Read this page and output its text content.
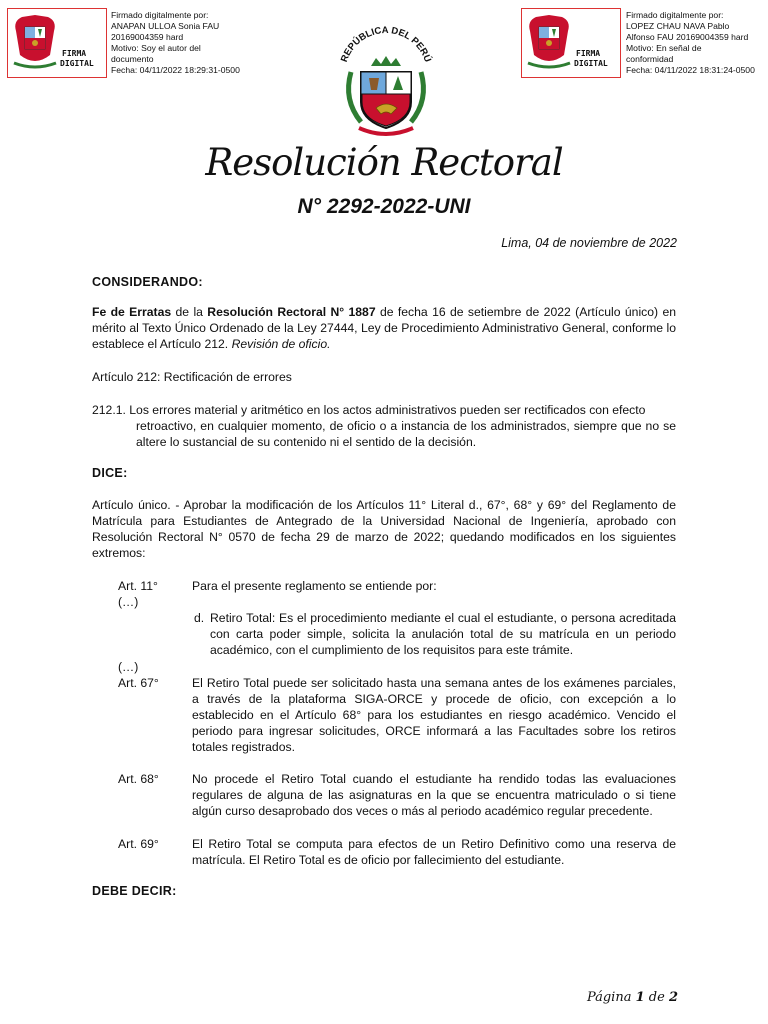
FIRMA
DIGITAL
Firmado digitalmente por:
ANAPAN ULLOA Sonia FAU
20169004359 hard
Motivo: Soy el autor del
documento
Fecha: 04/11/2022 18:29:31-0500
FIRMA
DIGITAL
Firmado digitalmente por:
LOPEZ CHAU NAVA Pablo
Alfonso FAU 20169004359 hard
Motivo: En señal de
conformidad
Fecha: 04/11/2022 18:31:24-0500
REPÚBLICA DEL PERÚ
Resolución Rectoral
N° 2292-2022-UNI
Lima, 04 de noviembre de 2022
CONSIDERANDO:
Fe de Erratas de la Resolución Rectoral N° 1887 de fecha 16 de setiembre de 2022 (Artículo único) en mérito al Texto Único Ordenado de la Ley 27444, Ley de Procedimiento Administrativo General, conforme lo establece el Artículo 212. Revisión de oficio.
Artículo 212: Rectificación de errores
212.1. Los errores material y aritmético en los actos administrativos pueden ser rectificados con efecto
retroactivo, en cualquier momento, de oficio o a instancia de los administrados, siempre que no se altere lo sustancial de su contenido ni el sentido de la decisión.
DICE:
Artículo único. - Aprobar la modificación de los Artículos 11° Literal d., 67°, 68° y 69° del Reglamento de Matrícula para Estudiantes de Antegrado de la Universidad Nacional de Ingeniería, aprobado con Resolución Rectoral N° 0570 de fecha 29 de marzo de 2022; quedando modificados en los siguientes extremos:
Art. 11°	Para el presente reglamento se entiende por:
(…)
d. Retiro Total: Es el procedimiento mediante el cual el estudiante, o persona acreditada con carta poder simple, solicita la anulación total de su matrícula en un periodo académico, con el cumplimiento de los requisitos para este trámite.
(…)
Art. 67°	El Retiro Total puede ser solicitado hasta una semana antes de los exámenes parciales, a través de la plataforma SIGA-ORCE y procede de oficio, con excepción a lo establecido en el Artículo 68° para los estudiantes en riesgo académico. Vencido el periodo para ingresar solicitudes, ORCE informará a las Facultades sobre los retiros totales registrados.
Art. 68°	No procede el Retiro Total cuando el estudiante ha rendido todas las evaluaciones regulares de alguna de las asignaturas en la que se encuentra matriculado o si tiene algún curso desaprobado dos veces o más al periodo académico regular precedente.
Art. 69°	El Retiro Total se computa para efectos de un Retiro Definitivo como una reserva de matrícula. El Retiro Total es de oficio por fallecimiento del estudiante.
DEBE DECIR:
Página 1 de 2
